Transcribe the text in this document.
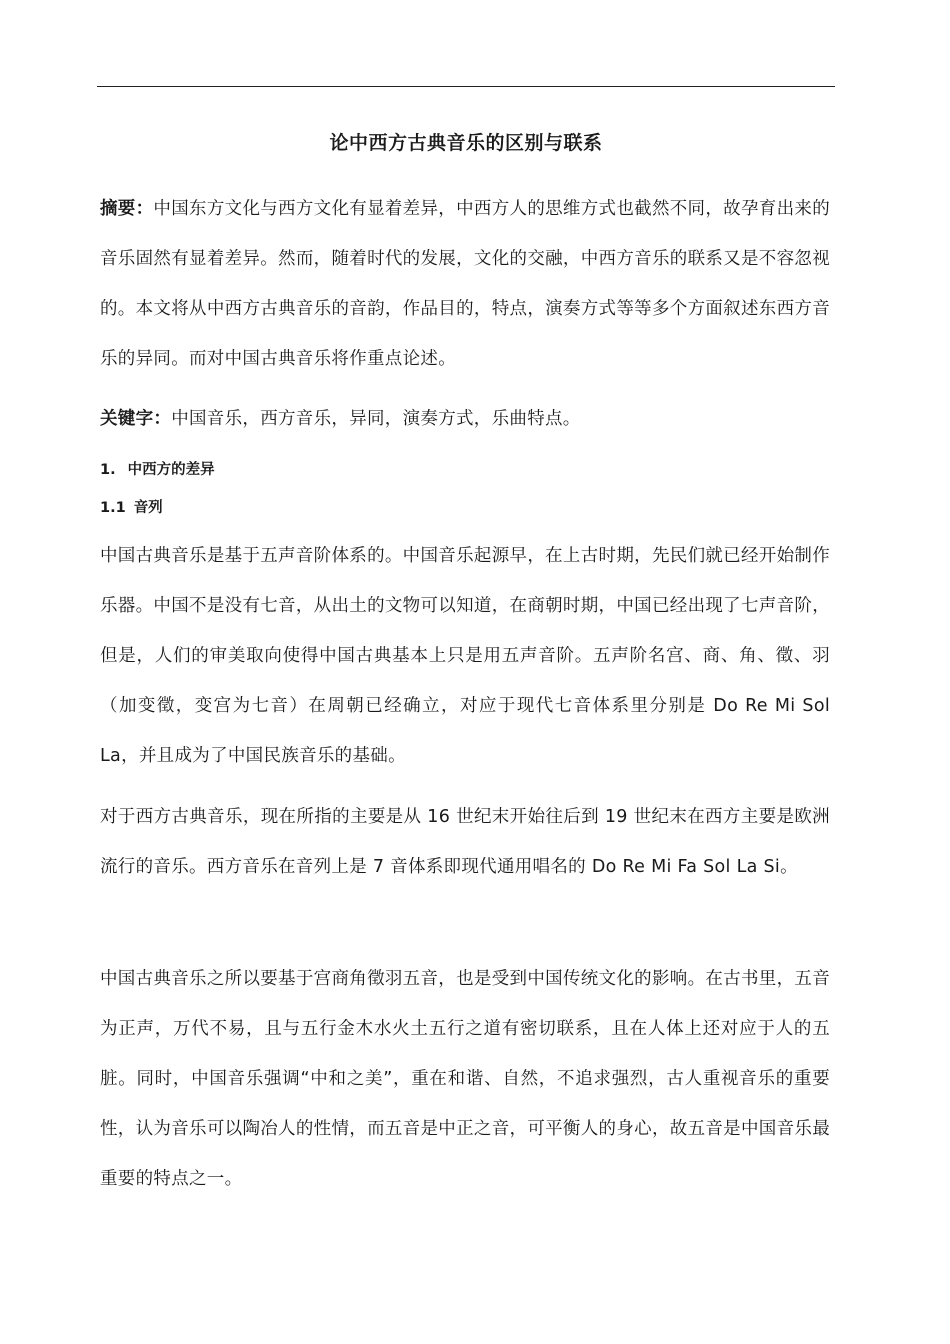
论中西方古典音乐的区别与联系

摘要：中国东方文化与西方文化有显着差异，中西方人的思维方式也截然不同，故孕育出来的音乐固然有显着差异。然而，随着时代的发展，文化的交融，中西方音乐的联系又是不容忽视的。本文将从中西方古典音乐的音韵，作品目的，特点，演奏方式等等多个方面叙述东西方音乐的异同。而对中国古典音乐将作重点论述。

关键字：中国音乐，西方音乐，异同，演奏方式，乐曲特点。

1. 中西方的差异
1.1 音列

中国古典音乐是基于五声音阶体系的。中国音乐起源早，在上古时期，先民们就已经开始制作乐器。中国不是没有七音，从出土的文物可以知道，在商朝时期，中国已经出现了七声音阶，但是，人们的审美取向使得中国古典基本上只是用五声音阶。五声阶名宫、商、角、徵、羽（加变徵，变宫为七音）在周朝已经确立，对应于现代七音体系里分别是 Do Re Mi Sol La，并且成为了中国民族音乐的基础。

对于西方古典音乐，现在所指的主要是从 16 世纪末开始往后到 19 世纪末在西方主要是欧洲流行的音乐。西方音乐在音列上是 7 音体系即现代通用唱名的 Do Re Mi Fa Sol La Si。

中国古典音乐之所以要基于宫商角徵羽五音，也是受到中国传统文化的影响。在古书里，五音为正声，万代不易，且与五行金木水火土五行之道有密切联系，且在人体上还对应于人的五脏。同时，中国音乐强调“中和之美”，重在和谐、自然，不追求强烈，古人重视音乐的重要性，认为音乐可以陶冶人的性情，而五音是中正之音，可平衡人的身心，故五音是中国音乐最重要的特点之一。
